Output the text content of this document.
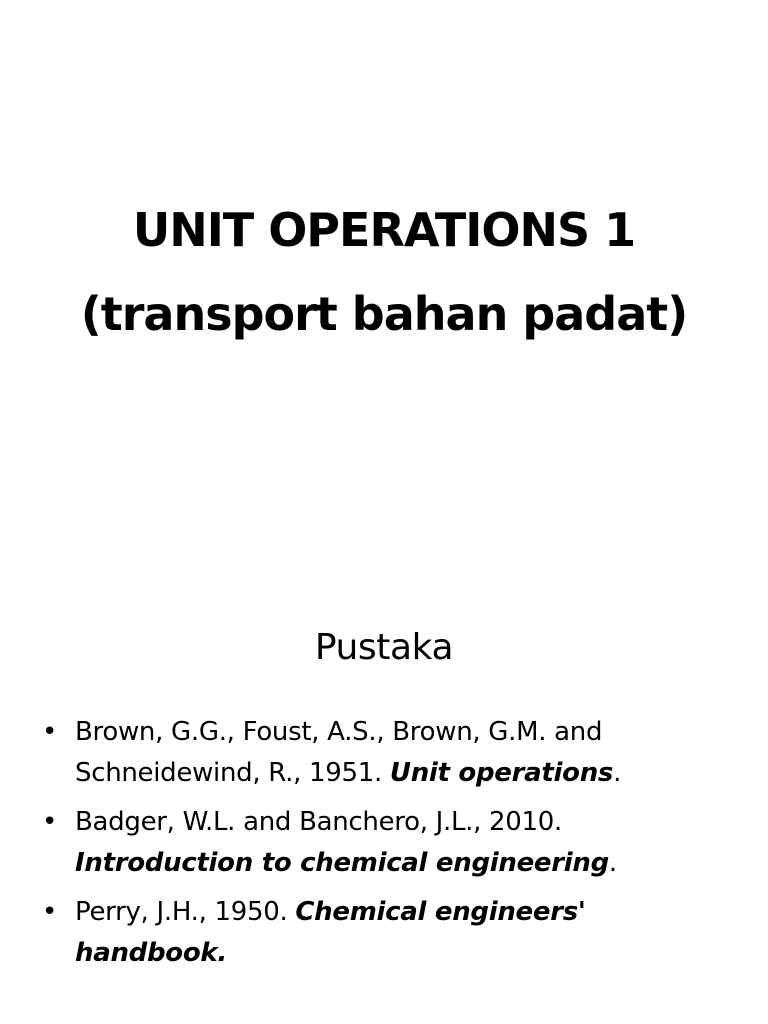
UNIT OPERATIONS 1
(transport bahan padat)
Pustaka
• Brown, G.G., Foust, A.S., Brown, G.M. and
Schneidewind, R., 1951. Unit operations.
• Badger, W.L. and Banchero, J.L., 2010.
Introduction to chemical engineering.
• Perry, J.H., 1950. Chemical engineers'
handbook.
